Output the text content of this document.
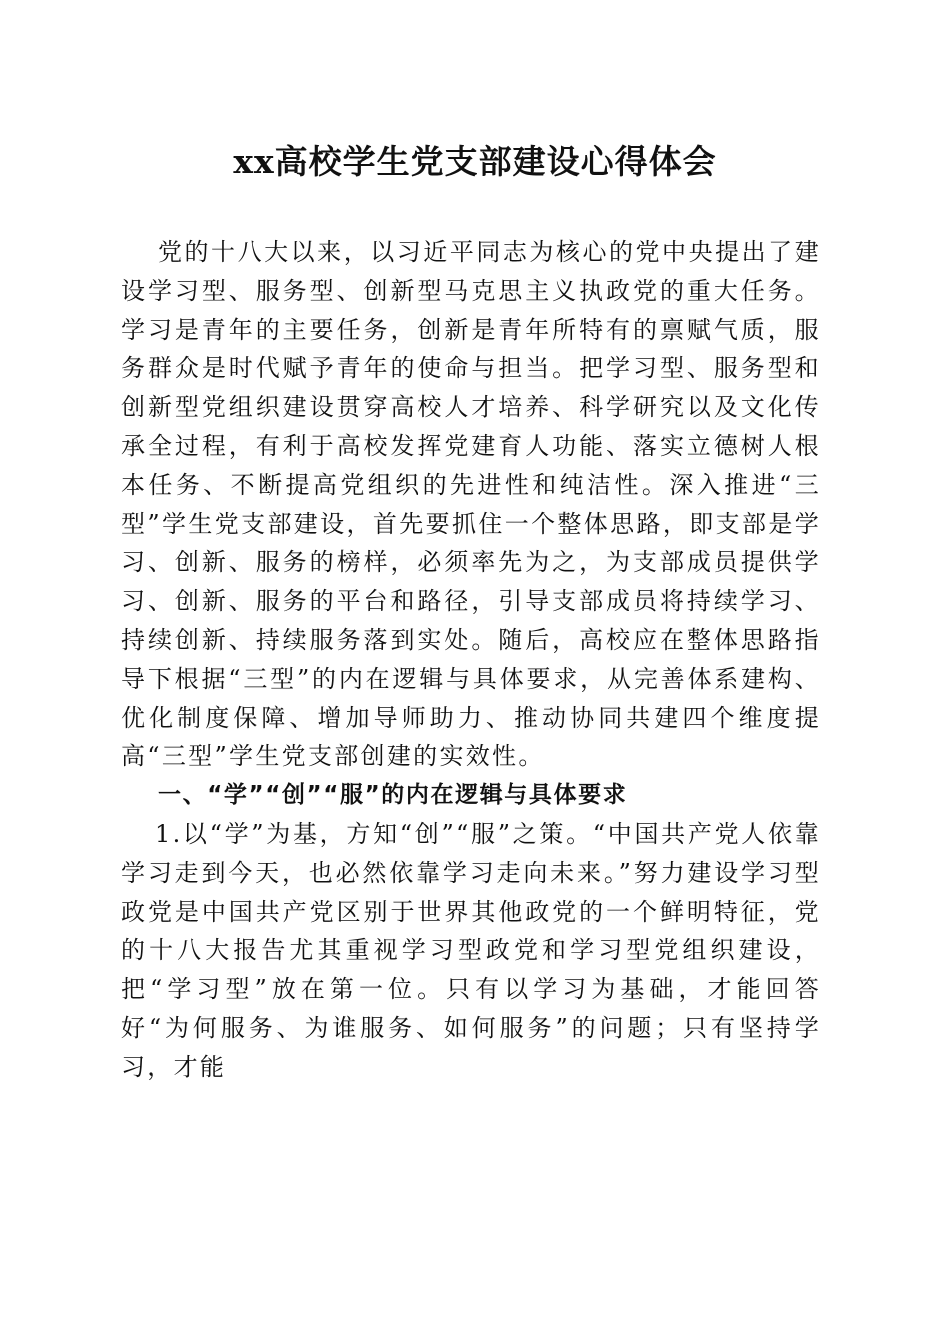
xx高校学生党支部建设心得体会

党的十八大以来，以习近平同志为核心的党中央提出了建设学习型、服务型、创新型马克思主义执政党的重大任务。学习是青年的主要任务，创新是青年所特有的禀赋气质，服务群众是时代赋予青年的使命与担当。把学习型、服务型和创新型党组织建设贯穿高校人才培养、科学研究以及文化传承全过程，有利于高校发挥党建育人功能、落实立德树人根本任务、不断提高党组织的先进性和纯洁性。深入推进“三型”学生党支部建设，首先要抓住一个整体思路，即支部是学习、创新、服务的榜样，必须率先为之，为支部成员提供学习、创新、服务的平台和路径，引导支部成员将持续学习、持续创新、持续服务落到实处。随后，高校应在整体思路指导下根据“三型”的内在逻辑与具体要求，从完善体系建构、优化制度保障、增加导师助力、推动协同共建四个维度提高“三型”学生党支部创建的实效性。

一、“学”“创”“服”的内在逻辑与具体要求

1.以“学”为基，方知“创”“服”之策。“中国共产党人依靠学习走到今天，也必然依靠学习走向未来。”努力建设学习型政党是中国共产党区别于世界其他政党的一个鲜明特征，党的十八大报告尤其重视学习型政党和学习型党组织建设，把“学习型”放在第一位。只有以学习为基础，才能回答好“为何服务、为谁服务、如何服务”的问题；只有坚持学习，才能
